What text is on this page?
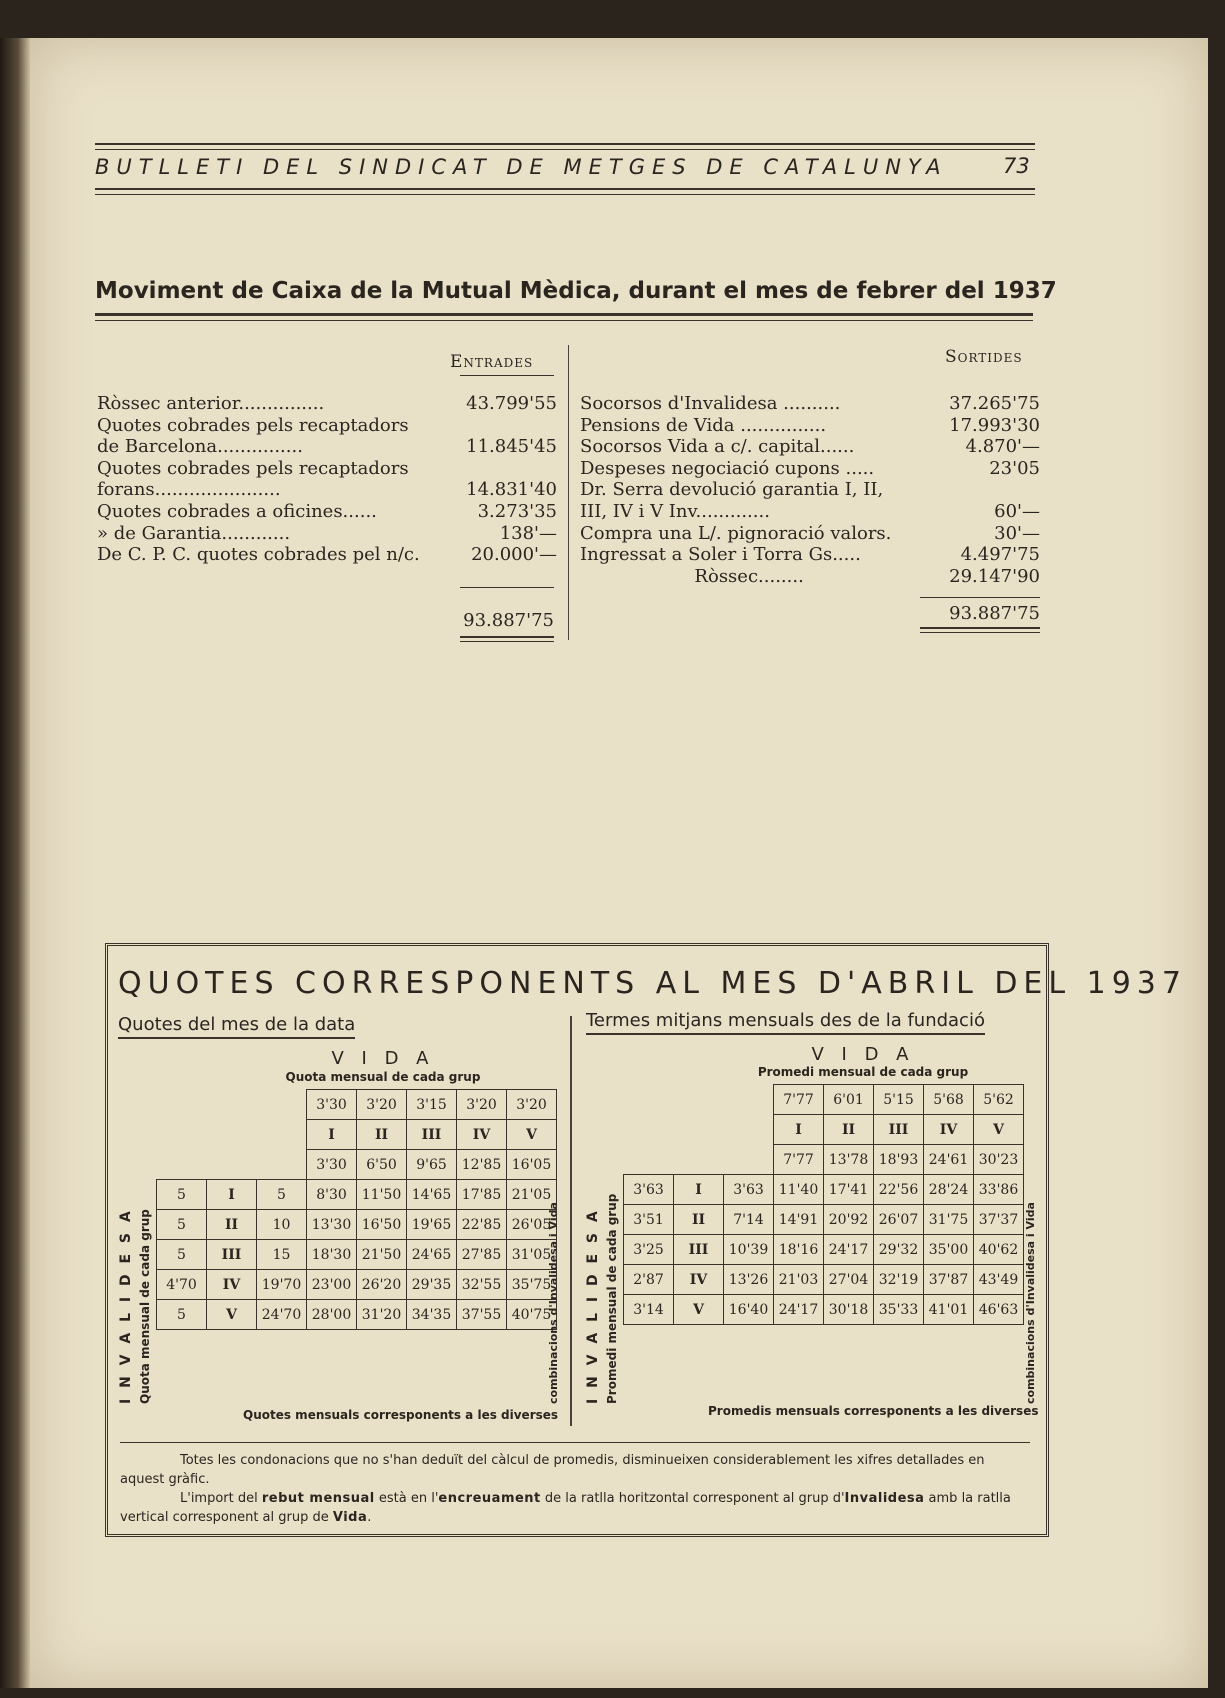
BUTLLETI DEL SINDICAT DE METGES DE CATALUNYA	73
Moviment de Caixa de la Mutual Mèdica, durant el mes de febrer del 1937
Entrades	Sortides
Ròssec anterior...............	43.799'55
Quotes cobrades pels recaptadors
de Barcelona...............	11.845'45
Quotes cobrades pels recaptadors
forans......................	14.831'40
Quotes cobrades a oficines......	3.273'35
» de Garantia............	138'—
De C. P. C. quotes cobrades pel n/c.	20.000'—
93.887'75
Socorsos d'Invalidesa ..........	37.265'75
Pensions de Vida ...............	17.993'30
Socorsos Vida a c/. capital......	4.870'—
Despeses negociació cupons .....	23'05
Dr. Serra devolució garantia I, II,
III, IV i V Inv.............	60'—
Compra una L/. pignoració valors.	30'—
Ingressat a Soler i Torra Gs.....	4.497'75
Ròssec........	29.147'90
93.887'75
QUOTES CORRESPONENTS AL MES D'ABRIL DEL 1937
Quotes del mes de la data
V I D A
Quota mensual de cada grup
I N V A L I D E S A Quota mensual de cada grup	combinacions d'Invalidesa i Vida
			3'30	3'20	3'15	3'20	3'20
			I	II	III	IV	V
			3'30	6'50	9'65	12'85	16'05
5	I	5	8'30	11'50	14'65	17'85	21'05
5	II	10	13'30	16'50	19'65	22'85	26'05
5	III	15	18'30	21'50	24'65	27'85	31'05
4'70	IV	19'70	23'00	26'20	29'35	32'55	35'75
5	V	24'70	28'00	31'20	34'35	37'55	40'75
Quotes mensuals corresponents a les diverses
Termes mitjans mensuals des de la fundació
V I D A
Promedi mensual de cada grup
I N V A L I D E S A Promedi mensual de cada grup	combinacions d'Invalidesa i Vida
			7'77	6'01	5'15	5'68	5'62
			I	II	III	IV	V
			7'77	13'78	18'93	24'61	30'23
3'63	I	3'63	11'40	17'41	22'56	28'24	33'86
3'51	II	7'14	14'91	20'92	26'07	31'75	37'37
3'25	III	10'39	18'16	24'17	29'32	35'00	40'62
2'87	IV	13'26	21'03	27'04	32'19	37'87	43'49
3'14	V	16'40	24'17	30'18	35'33	41'01	46'63
Promedis mensuals corresponents a les diverses

Totes les condonacions que no s'han deduït del càlcul de promedis, disminueixen considerablement les xifres detallades en aquest gràfic.

L'import del rebut mensual està en l'encreuament de la ratlla horitzontal corresponent al grup d'Invalidesa amb la ratlla vertical corresponent al grup de Vida.
